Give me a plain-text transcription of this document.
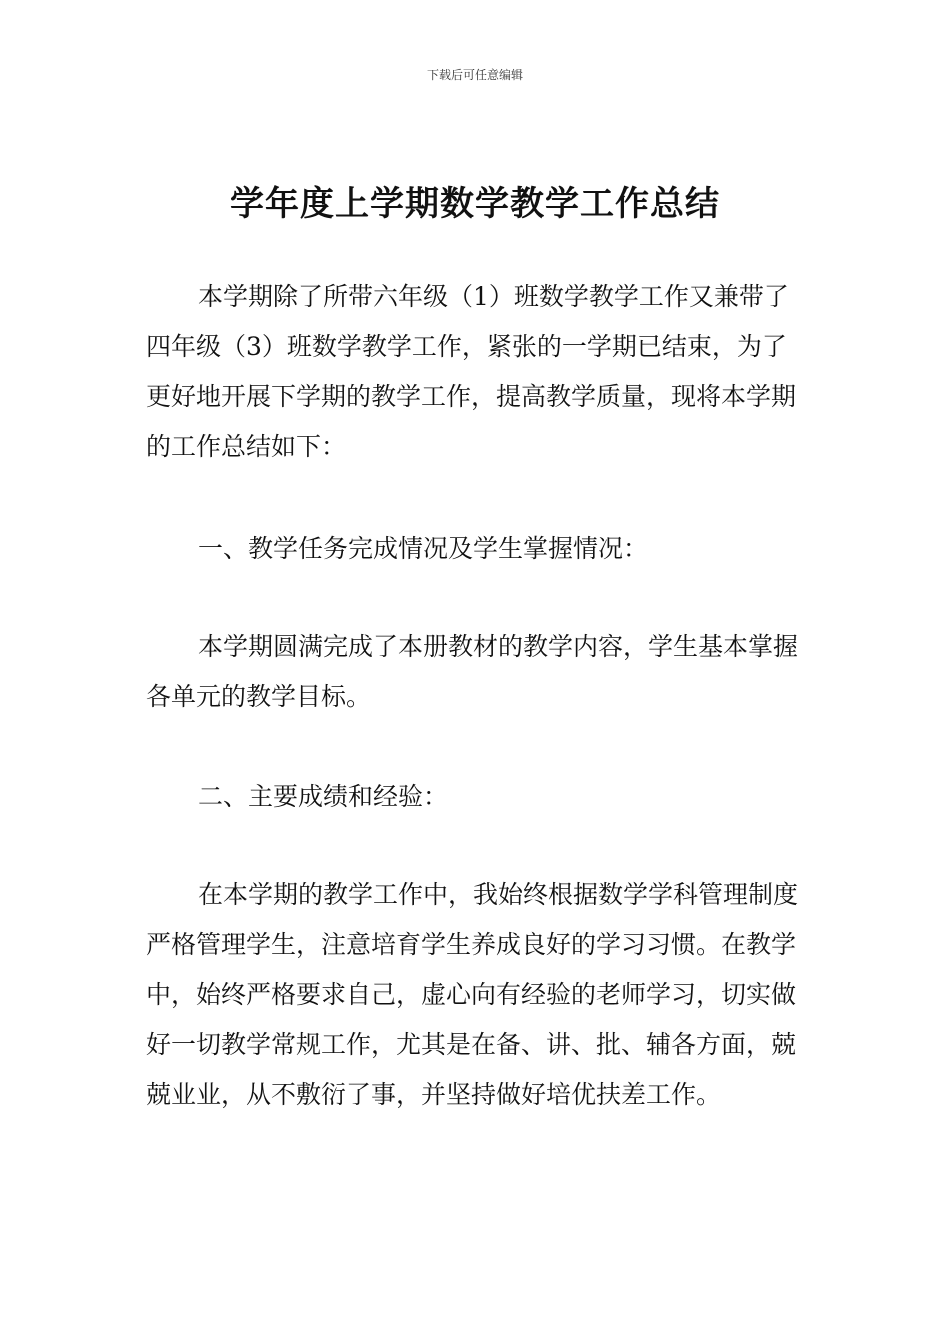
下载后可任意编辑
学年度上学期数学教学工作总结

本学期除了所带六年级（1）班数学教学工作又兼带了四年级（3）班数学教学工作，紧张的一学期已结束，为了更好地开展下学期的教学工作，提高教学质量，现将本学期的工作总结如下：

一、教学任务完成情况及学生掌握情况：

本学期圆满完成了本册教材的教学内容，学生基本掌握各单元的教学目标。

二、主要成绩和经验：

在本学期的教学工作中，我始终根据数学学科管理制度严格管理学生，注意培育学生养成良好的学习习惯。在教学中，始终严格要求自己，虚心向有经验的老师学习，切实做好一切教学常规工作，尤其是在备、讲、批、辅各方面，兢兢业业，从不敷衍了事，并坚持做好培优扶差工作。
